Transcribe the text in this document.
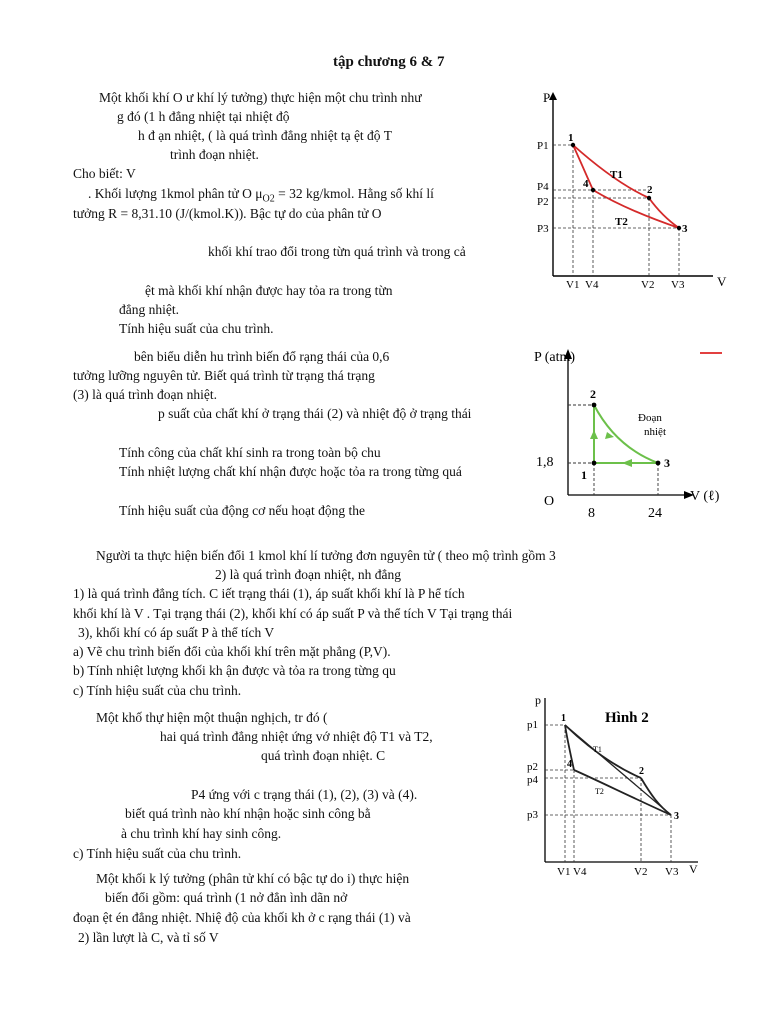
tập chương 6 & 7
Một khối khí O ư khí lý tưởng) thực hiện một chu trình như
g đó (1 h đẳng nhiệt tại nhiệt độ
h đ ạn nhiệt, ( là quá trình đẳng nhiệt tạ ệt độ T
trình đoạn nhiệt.
Cho biết: V
. Khối lượng 1kmol phân tử O $\mu_{O2} = 32$ kg/kmol. Hằng số khí lí
tưởng R = 8,31.10 (J/(kmol.K)). Bậc tự do của phân tử O
khối khí trao đổi trong từn quá trình và trong cả
ệt mà khối khí nhận được hay tỏa ra trong từn
đẳng nhiệt.
Tính hiệu suất của chu trình.
P
V
P1
P4
P2
P3
V1 V4	V2 V3
1
2
3
4
T1
T2
bên biểu diễn hu trình biến đổ rạng thái của 0,6
tưởng lưỡng nguyên tử. Biết quá trình từ trạng thá trạng
(3) là quá trình đoạn nhiệt.
p suất của chất khí ở trạng thái (2) và nhiệt độ ở trạng thái
Tính công của chất khí sinh ra trong toàn bộ chu
Tính nhiệt lượng chất khí nhận được hoặc tỏa ra trong từng quá
Tính hiệu suất của động cơ nếu hoạt động the
P (atm)
V (ℓ)
O
8	24
1,8
1
2
3
Đoạn nhiệt
Người ta thực hiện biến đổi 1 kmol khí lí tưởng đơn nguyên tử ( theo mộ trình gồm 3
2) là quá trình đoạn nhiệt, nh đẳng
1) là quá trình đẳng tích. C iết trạng thái (1), áp suất khối khí là P hể tích
khối khí là V . Tại trạng thái (2), khối khí có áp suất P và thể tích V Tại trạng thái
3), khối khí có áp suất P à thể tích V
a) Vẽ chu trình biến đổi của khối khí trên mặt phẳng (P,V).
b) Tính nhiệt lượng khối kh ận được và tỏa ra trong từng qu
c) Tính hiệu suất của chu trình.
Một khố thự hiện một thuận nghịch, tr đó (
hai quá trình đẳng nhiệt ứng vớ nhiệt độ T1 và T2,
quá trình đoạn nhiệt. C
P4 ứng với c trạng thái (1), (2), (3) và (4).
biết quá trình nào khí nhận hoặc sinh công bằ
à chu trình khí hay sinh công.
c) Tính hiệu suất của chu trình.
Hình 2
p
V
p1
p2
p4
p3
V1 V4	V2 V3
1
2
3
4
T1
T2
Một khối k lý tưởng (phân tử khí có bậc tự do i) thực hiện
biến đổi gồm: quá trình (1 nở đẳn ình dãn nở
đoạn ệt én đẳng nhiệt. Nhiệ độ của khối kh ở c rạng thái (1) và
2) lần lượt là C, và tỉ số V
